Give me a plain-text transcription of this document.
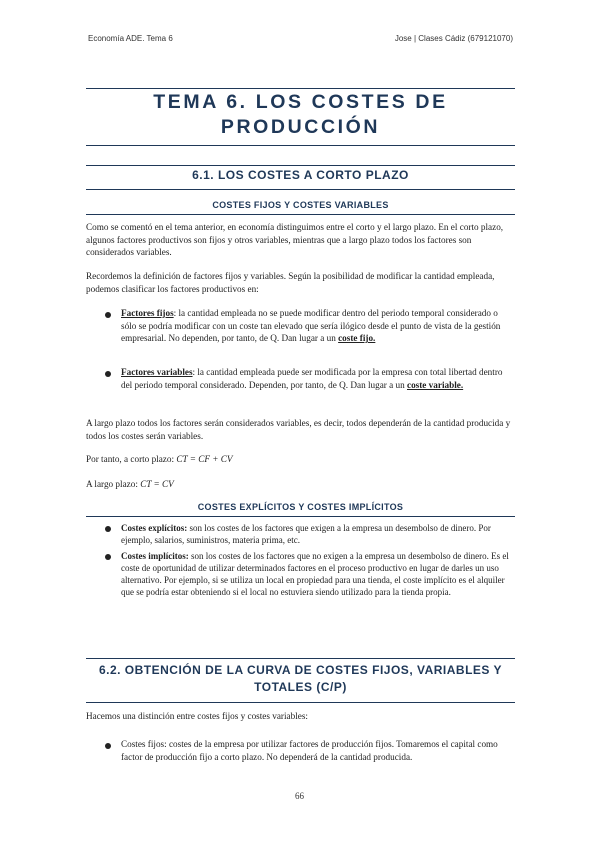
Economía ADE. Tema 6	Jose | Clases Cádiz (679121070)
TEMA 6. LOS COSTES DE
PRODUCCIÓN
6.1. LOS COSTES A CORTO PLAZO
COSTES FIJOS Y COSTES VARIABLES

Como se comentó en el tema anterior, en economía distinguimos entre el corto y el largo plazo. En el corto plazo, algunos factores productivos son fijos y otros variables, mientras que a largo plazo todos los factores son considerados variables.

Recordemos la definición de factores fijos y variables. Según la posibilidad de modificar la cantidad empleada, podemos clasificar los factores productivos en:

Factores fijos: la cantidad empleada no se puede modificar dentro del periodo temporal considerado o sólo se podría modificar con un coste tan elevado que sería ilógico desde el punto de vista de la gestión empresarial. No dependen, por tanto, de Q. Dan lugar a un coste fijo.

Factores variables: la cantidad empleada puede ser modificada por la empresa con total libertad dentro del periodo temporal considerado. Dependen, por tanto, de Q. Dan lugar a un coste variable.

A largo plazo todos los factores serán considerados variables, es decir, todos dependerán de la cantidad producida y todos los costes serán variables.

Por tanto, a corto plazo: CT = CF + CV

A largo plazo: CT = CV

COSTES EXPLÍCITOS Y COSTES IMPLÍCITOS

Costes explícitos: son los costes de los factores que exigen a la empresa un desembolso de dinero. Por ejemplo, salarios, suministros, materia prima, etc.

Costes implícitos: son los costes de los factores que no exigen a la empresa un desembolso de dinero. Es el coste de oportunidad de utilizar determinados factores en el proceso productivo en lugar de darles un uso alternativo. Por ejemplo, si se utiliza un local en propiedad para una tienda, el coste implícito es el alquiler que se podría estar obteniendo si el local no estuviera siendo utilizado para la tienda propia.

6.2. OBTENCIÓN DE LA CURVA DE COSTES FIJOS, VARIABLES Y
TOTALES (C/P)

Hacemos una distinción entre costes fijos y costes variables:

Costes fijos: costes de la empresa por utilizar factores de producción fijos. Tomaremos el capital como factor de producción fijo a corto plazo. No dependerá de la cantidad producida.

66
